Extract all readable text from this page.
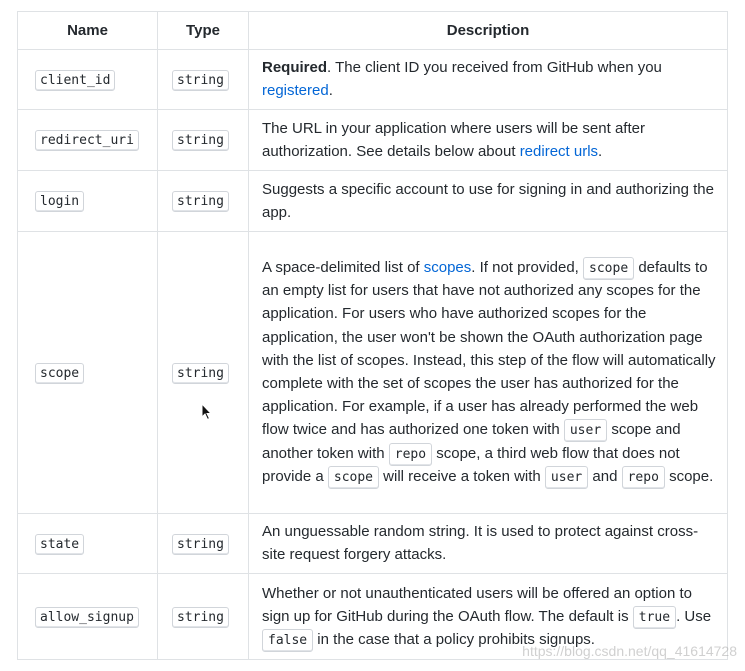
Name	Type	Description
client_id	string	Required. The client ID you received from GitHub when you registered.
redirect_uri	string	The URL in your application where users will be sent after authorization. See details below about redirect urls.
login	string	Suggests a specific account to use for signing in and authorizing the app.
scope	string	A space-delimited list of scopes. If not provided, scope defaults to an empty list for users that have not authorized any scopes for the application. For users who have authorized scopes for the application, the user won't be shown the OAuth authorization page with the list of scopes. Instead, this step of the flow will automatically complete with the set of scopes the user has authorized for the application. For example, if a user has already performed the web flow twice and has authorized one token with user scope and another token with repo scope, a third web flow that does not provide a scope will receive a token with user and repo scope.
state	string	An unguessable random string. It is used to protect against cross-site request forgery attacks.
allow_signup	string	Whether or not unauthenticated users will be offered an option to sign up for GitHub during the OAuth flow. The default is true . Use false in the case that a policy prohibits signups.
https://blog.csdn.net/qq_41614728
